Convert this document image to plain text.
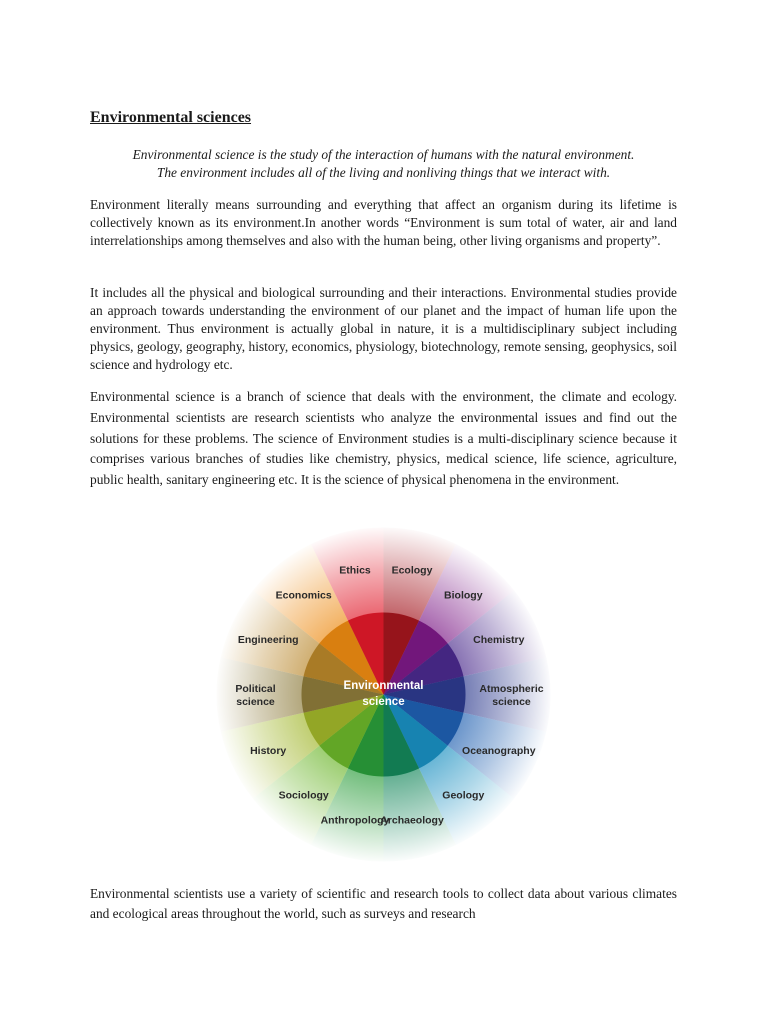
Environmental sciences

Environmental science is the study of the interaction of humans with the natural environment.
The environment includes all of the living and nonliving things that we interact with.

Environment literally means surrounding and everything that affect an organism during its lifetime is collectively known as its environment.In another words “Environment is sum total of water, air and land interrelationships among themselves and also with the human being, other living organisms and property”.

It includes all the physical and biological surrounding and their interactions. Environmental studies provide an approach towards understanding the environment of our planet and the impact of human life upon the environment. Thus environment is actually global in nature, it is a multidisciplinary subject including physics, geology, geography, history, economics, physiology, biotechnology, remote sensing, geophysics, soil science and hydrology etc.

Environmental science is a branch of science that deals with the environment, the climate and ecology. Environmental scientists are research scientists who analyze the environmental issues and find out the solutions for these problems. The science of Environment studies is a multi-disciplinary science because it comprises various branches of studies like chemistry, physics, medical science, life science, agriculture, public health, sanitary engineering etc. It is the science of physical phenomena in the environment.

Environmental scientists use a variety of scientific and research tools to collect data about various climates and ecological areas throughout the world, such as surveys and research

Ecology
Biology
Chemistry
Atmospheric science
Oceanography
Geology
Archaeology
Anthropology
Sociology
History
Political science
Engineering
Economics
Ethics
Environmental
science
